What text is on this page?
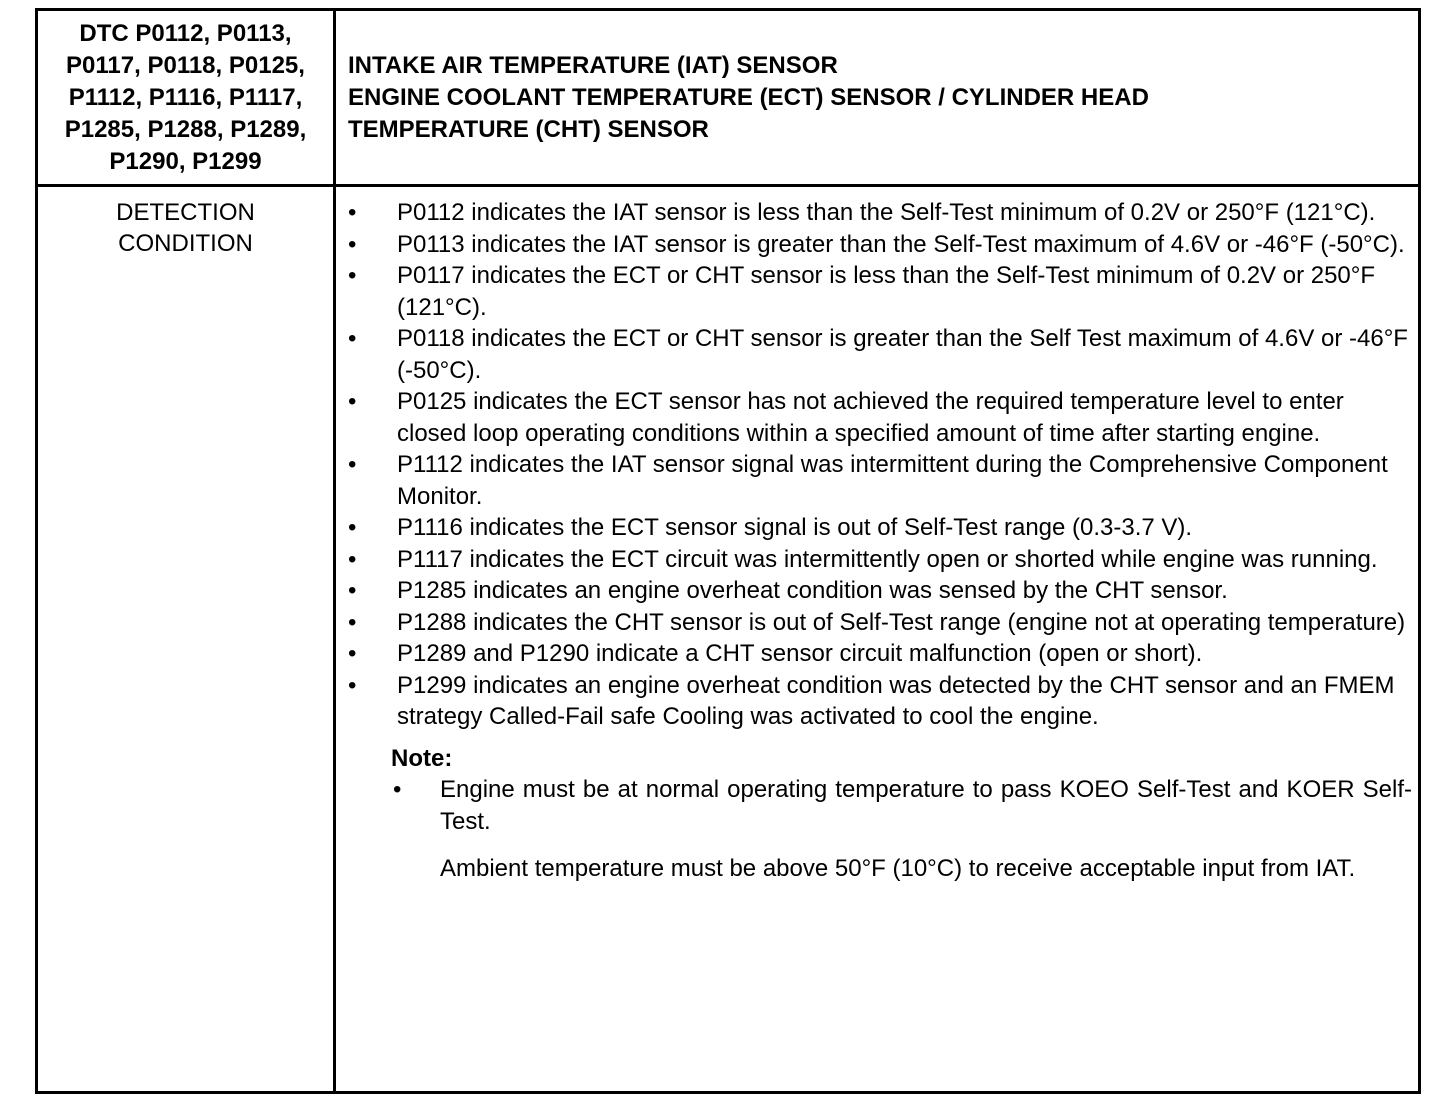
DTC P0112, P0113,
P0117, P0118, P0125,
P1112, P1116, P1117,
P1285, P1288, P1289,
P1290, P1299
INTAKE AIR TEMPERATURE (IAT) SENSOR
ENGINE COOLANT TEMPERATURE (ECT) SENSOR / CYLINDER HEAD
TEMPERATURE (CHT) SENSOR
DETECTION
CONDITION
• P0112 indicates the IAT sensor is less than the Self-Test minimum of 0.2V or 250°F (121°C).
• P0113 indicates the IAT sensor is greater than the Self-Test maximum of 4.6V or -46°F (-50°C).
• P0117 indicates the ECT or CHT sensor is less than the Self-Test minimum of 0.2V or 250°F (121°C).
• P0118 indicates the ECT or CHT sensor is greater than the Self Test maximum of 4.6V or -46°F (-50°C).
• P0125 indicates the ECT sensor has not achieved the required temperature level to enter closed loop operating conditions within a specified amount of time after starting engine.
• P1112 indicates the IAT sensor signal was intermittent during the Comprehensive Component Monitor.
• P1116 indicates the ECT sensor signal is out of Self-Test range (0.3-3.7 V).
• P1117 indicates the ECT circuit was intermittently open or shorted while engine was running.
• P1285 indicates an engine overheat condition was sensed by the CHT sensor.
• P1288 indicates the CHT sensor is out of Self-Test range (engine not at operating temperature)
• P1289 and P1290 indicate a CHT sensor circuit malfunction (open or short).
• P1299 indicates an engine overheat condition was detected by the CHT sensor and an FMEM strategy Called-Fail safe Cooling was activated to cool the engine.
Note:
• Engine must be at normal operating temperature to pass KOEO Self-Test and KOER Self-Test.
Ambient temperature must be above 50°F (10°C) to receive acceptable input from IAT.
